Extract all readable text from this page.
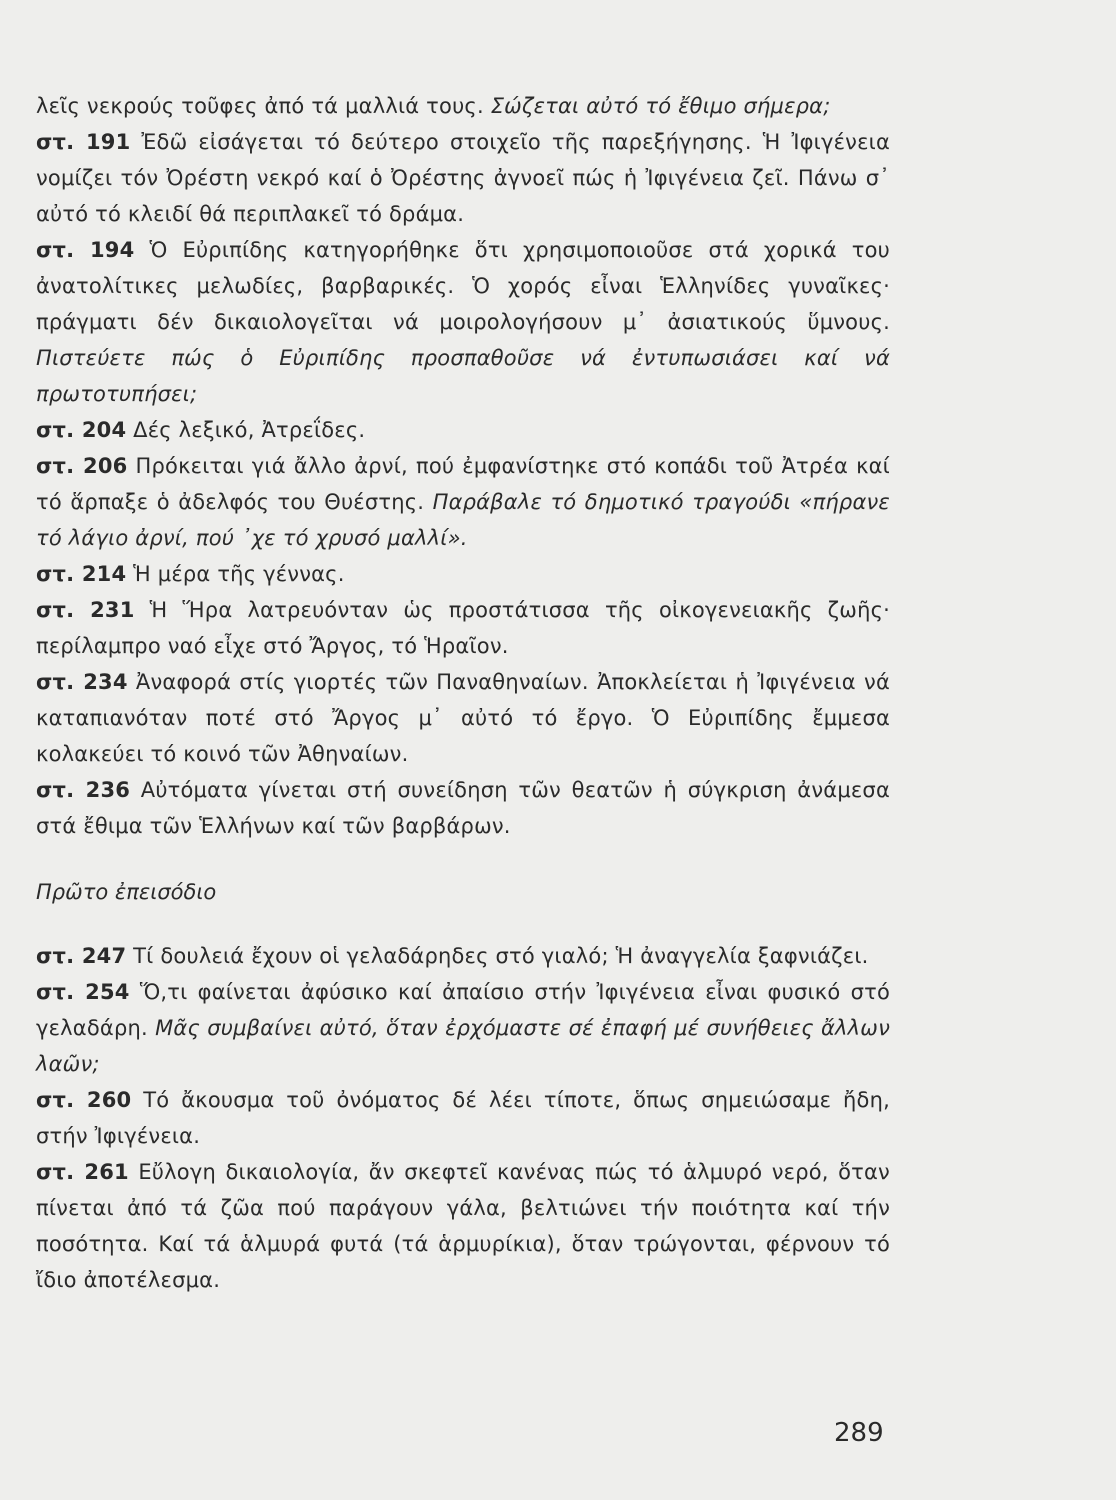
λεῖς νεκρούς τοῦφες ἀπό τά μαλλιά τους. Σώζεται αὐτό τό ἔθιμο σήμερα;

στ. 191 Ἐδῶ εἰσάγεται τό δεύτερο στοιχεῖο τῆς παρεξήγησης. Ἡ Ἰφιγένεια νομίζει τόν Ὀρέστη νεκρό καί ὁ Ὀρέστης ἀγνοεῖ πώς ἡ Ἰφιγένεια ζεῖ. Πάνω σ᾽ αὐτό τό κλειδί θά περιπλακεῖ τό δράμα.

στ. 194 Ὁ Εὐριπίδης κατηγορήθηκε ὅτι χρησιμοποιοῦσε στά χορικά του ἀνατολίτικες μελωδίες, βαρβαρικές. Ὁ χορός εἶναι Ἑλληνίδες γυναῖκες· πράγματι δέν δικαιολογεῖται νά μοιρολογήσουν μ᾽ ἀσιατικούς ὕμνους. Πιστεύετε πώς ὁ Εὐριπίδης προσπαθοῦσε νά ἐντυπωσιάσει καί νά πρωτοτυπήσει;

στ. 204 Δές λεξικό, Ἀτρεΐδες.

στ. 206 Πρόκειται γιά ἄλλο ἀρνί, πού ἐμφανίστηκε στό κοπάδι τοῦ Ἀτρέα καί τό ἅρπαξε ὁ ἀδελφός του Θυέστης. Παράβαλε τό δημοτικό τραγούδι «πήρανε τό λάγιο ἀρνί, πού ᾽χε τό χρυσό μαλλί».

στ. 214 Ἡ μέρα τῆς γέννας.

στ. 231 Ἡ Ἥρα λατρευόνταν ὡς προστάτισσα τῆς οἰκογενειακῆς ζωῆς· περίλαμπρο ναό εἶχε στό Ἄργος, τό Ἡραῖον.

στ. 234 Ἀναφορά στίς γιορτές τῶν Παναθηναίων. Ἀποκλείεται ἡ Ἰφιγένεια νά καταπιανόταν ποτέ στό Ἄργος μ᾽ αὐτό τό ἔργο. Ὁ Εὐριπίδης ἔμμεσα κολακεύει τό κοινό τῶν Ἀθηναίων.

στ. 236 Αὐτόματα γίνεται στή συνείδηση τῶν θεατῶν ἡ σύγκριση ἀνάμεσα στά ἔθιμα τῶν Ἑλλήνων καί τῶν βαρβάρων.

Πρῶτο ἐπεισόδιο

στ. 247 Τί δουλειά ἔχουν οἱ γελαδάρηδες στό γιαλό; Ἡ ἀναγγελία ξαφνιάζει.

στ. 254 Ὅ,τι φαίνεται ἀφύσικο καί ἀπαίσιο στήν Ἰφιγένεια εἶναι φυσικό στό γελαδάρη. Μᾶς συμβαίνει αὐτό, ὅταν ἐρχόμαστε σέ ἐπαφή μέ συνήθειες ἄλλων λαῶν;

στ. 260 Τό ἄκουσμα τοῦ ὀνόματος δέ λέει τίποτε, ὅπως σημειώσαμε ἤδη, στήν Ἰφιγένεια.

στ. 261 Εὔλογη δικαιολογία, ἄν σκεφτεῖ κανένας πώς τό ἁλμυρό νερό, ὅταν πίνεται ἀπό τά ζῶα πού παράγουν γάλα, βελτιώνει τήν ποιότητα καί τήν ποσότητα. Καί τά ἁλμυρά φυτά (τά ἁρμυρίκια), ὅταν τρώγονται, φέρνουν τό ἴδιο ἀποτέλεσμα.

289
